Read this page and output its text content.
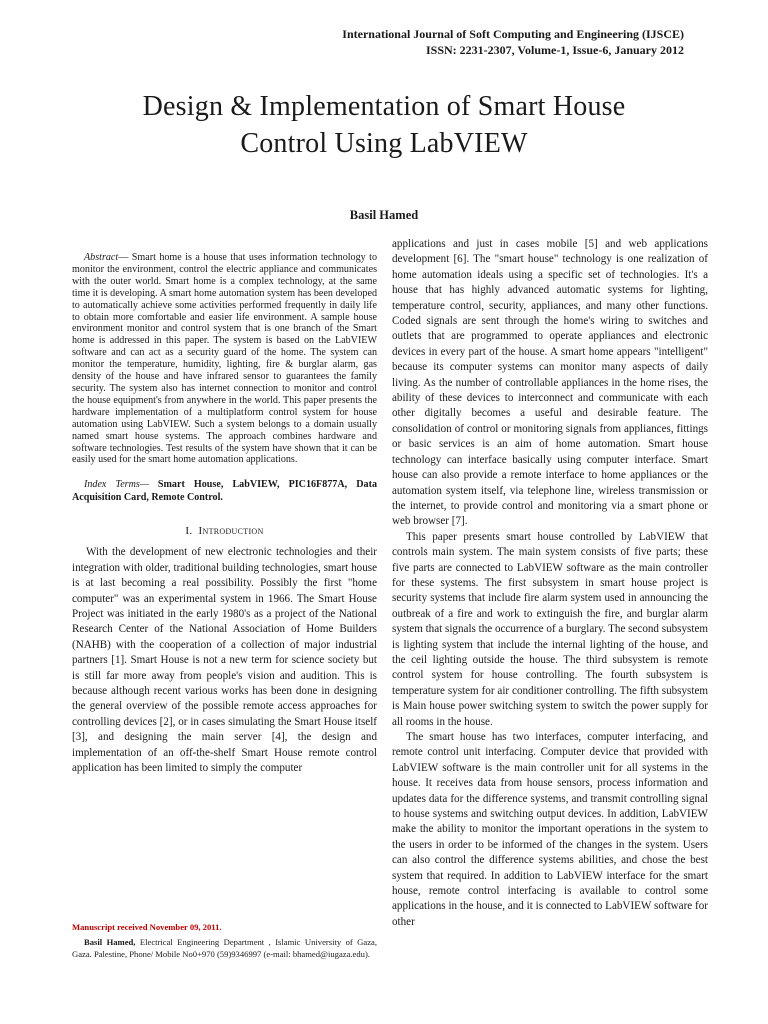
International Journal of Soft Computing and Engineering (IJSCE)
ISSN: 2231-2307, Volume-1, Issue-6, January 2012
Design & Implementation of Smart House
Control Using LabVIEW
Basil Hamed

Abstract— Smart home is a house that uses information technology to monitor the environment, control the electric appliance and communicates with the outer world. Smart home is a complex technology, at the same time it is developing. A smart home automation system has been developed to automatically achieve some activities performed frequently in daily life to obtain more comfortable and easier life environment. A sample house environment monitor and control system that is one branch of the Smart home is addressed in this paper. The system is based on the LabVIEW software and can act as a security guard of the home. The system can monitor the temperature, humidity, lighting, fire & burglar alarm, gas density of the house and have infrared sensor to guarantees the family security. The system also has internet connection to monitor and control the house equipment's from anywhere in the world. This paper presents the hardware implementation of a multiplatform control system for house automation using LabVIEW. Such a system belongs to a domain usually named smart house systems. The approach combines hardware and software technologies. Test results of the system have shown that it can be easily used for the smart home automation applications.

Index Terms— Smart House, LabVIEW, PIC16F877A, Data Acquisition Card, Remote Control.

I. Introduction

With the development of new electronic technologies and their integration with older, traditional building technologies, smart house is at last becoming a real possibility. Possibly the first "home computer" was an experimental system in 1966. The Smart House Project was initiated in the early 1980's as a project of the National Research Center of the National Association of Home Builders (NAHB) with the cooperation of a collection of major industrial partners [1]. Smart House is not a new term for science society but is still far more away from people's vision and audition. This is because although recent various works has been done in designing the general overview of the possible remote access approaches for controlling devices [2], or in cases simulating the Smart House itself [3], and designing the main server [4], the design and implementation of an off-the-shelf Smart House remote control application has been limited to simply the computer

applications and just in cases mobile [5] and web applications development [6]. The "smart house" technology is one realization of home automation ideals using a specific set of technologies. It's a house that has highly advanced automatic systems for lighting, temperature control, security, appliances, and many other functions. Coded signals are sent through the home's wiring to switches and outlets that are programmed to operate appliances and electronic devices in every part of the house. A smart home appears "intelligent" because its computer systems can monitor many aspects of daily living. As the number of controllable appliances in the home rises, the ability of these devices to interconnect and communicate with each other digitally becomes a useful and desirable feature. The consolidation of control or monitoring signals from appliances, fittings or basic services is an aim of home automation. Smart house technology can interface basically using computer interface. Smart house can also provide a remote interface to home appliances or the automation system itself, via telephone line, wireless transmission or the internet, to provide control and monitoring via a smart phone or web browser [7].

This paper presents smart house controlled by LabVIEW that controls main system. The main system consists of five parts; these five parts are connected to LabVIEW software as the main controller for these systems. The first subsystem in smart house project is security systems that include fire alarm system used in announcing the outbreak of a fire and work to extinguish the fire, and burglar alarm system that signals the occurrence of a burglary. The second subsystem is lighting system that include the internal lighting of the house, and the ceil lighting outside the house. The third subsystem is remote control system for house controlling. The fourth subsystem is temperature system for air conditioner controlling. The fifth subsystem is Main house power switching system to switch the power supply for all rooms in the house.

The smart house has two interfaces, computer interfacing, and remote control unit interfacing. Computer device that provided with LabVIEW software is the main controller unit for all systems in the house. It receives data from house sensors, process information and updates data for the difference systems, and transmit controlling signal to house systems and switching output devices. In addition, LabVIEW make the ability to monitor the important operations in the system to the users in order to be informed of the changes in the system. Users can also control the difference systems abilities, and chose the best system that required. In addition to LabVIEW interface for the smart house, remote control interfacing is available to control some applications in the house, and it is connected to LabVIEW software for other

Manuscript received November 09, 2011.
Basil Hamed, Electrical Engineering Department , Islamic University of Gaza, Gaza. Palestine, Phone/ Mobile No0+970 (59)9346997 (e-mail: bhamed@iugaza.edu).
